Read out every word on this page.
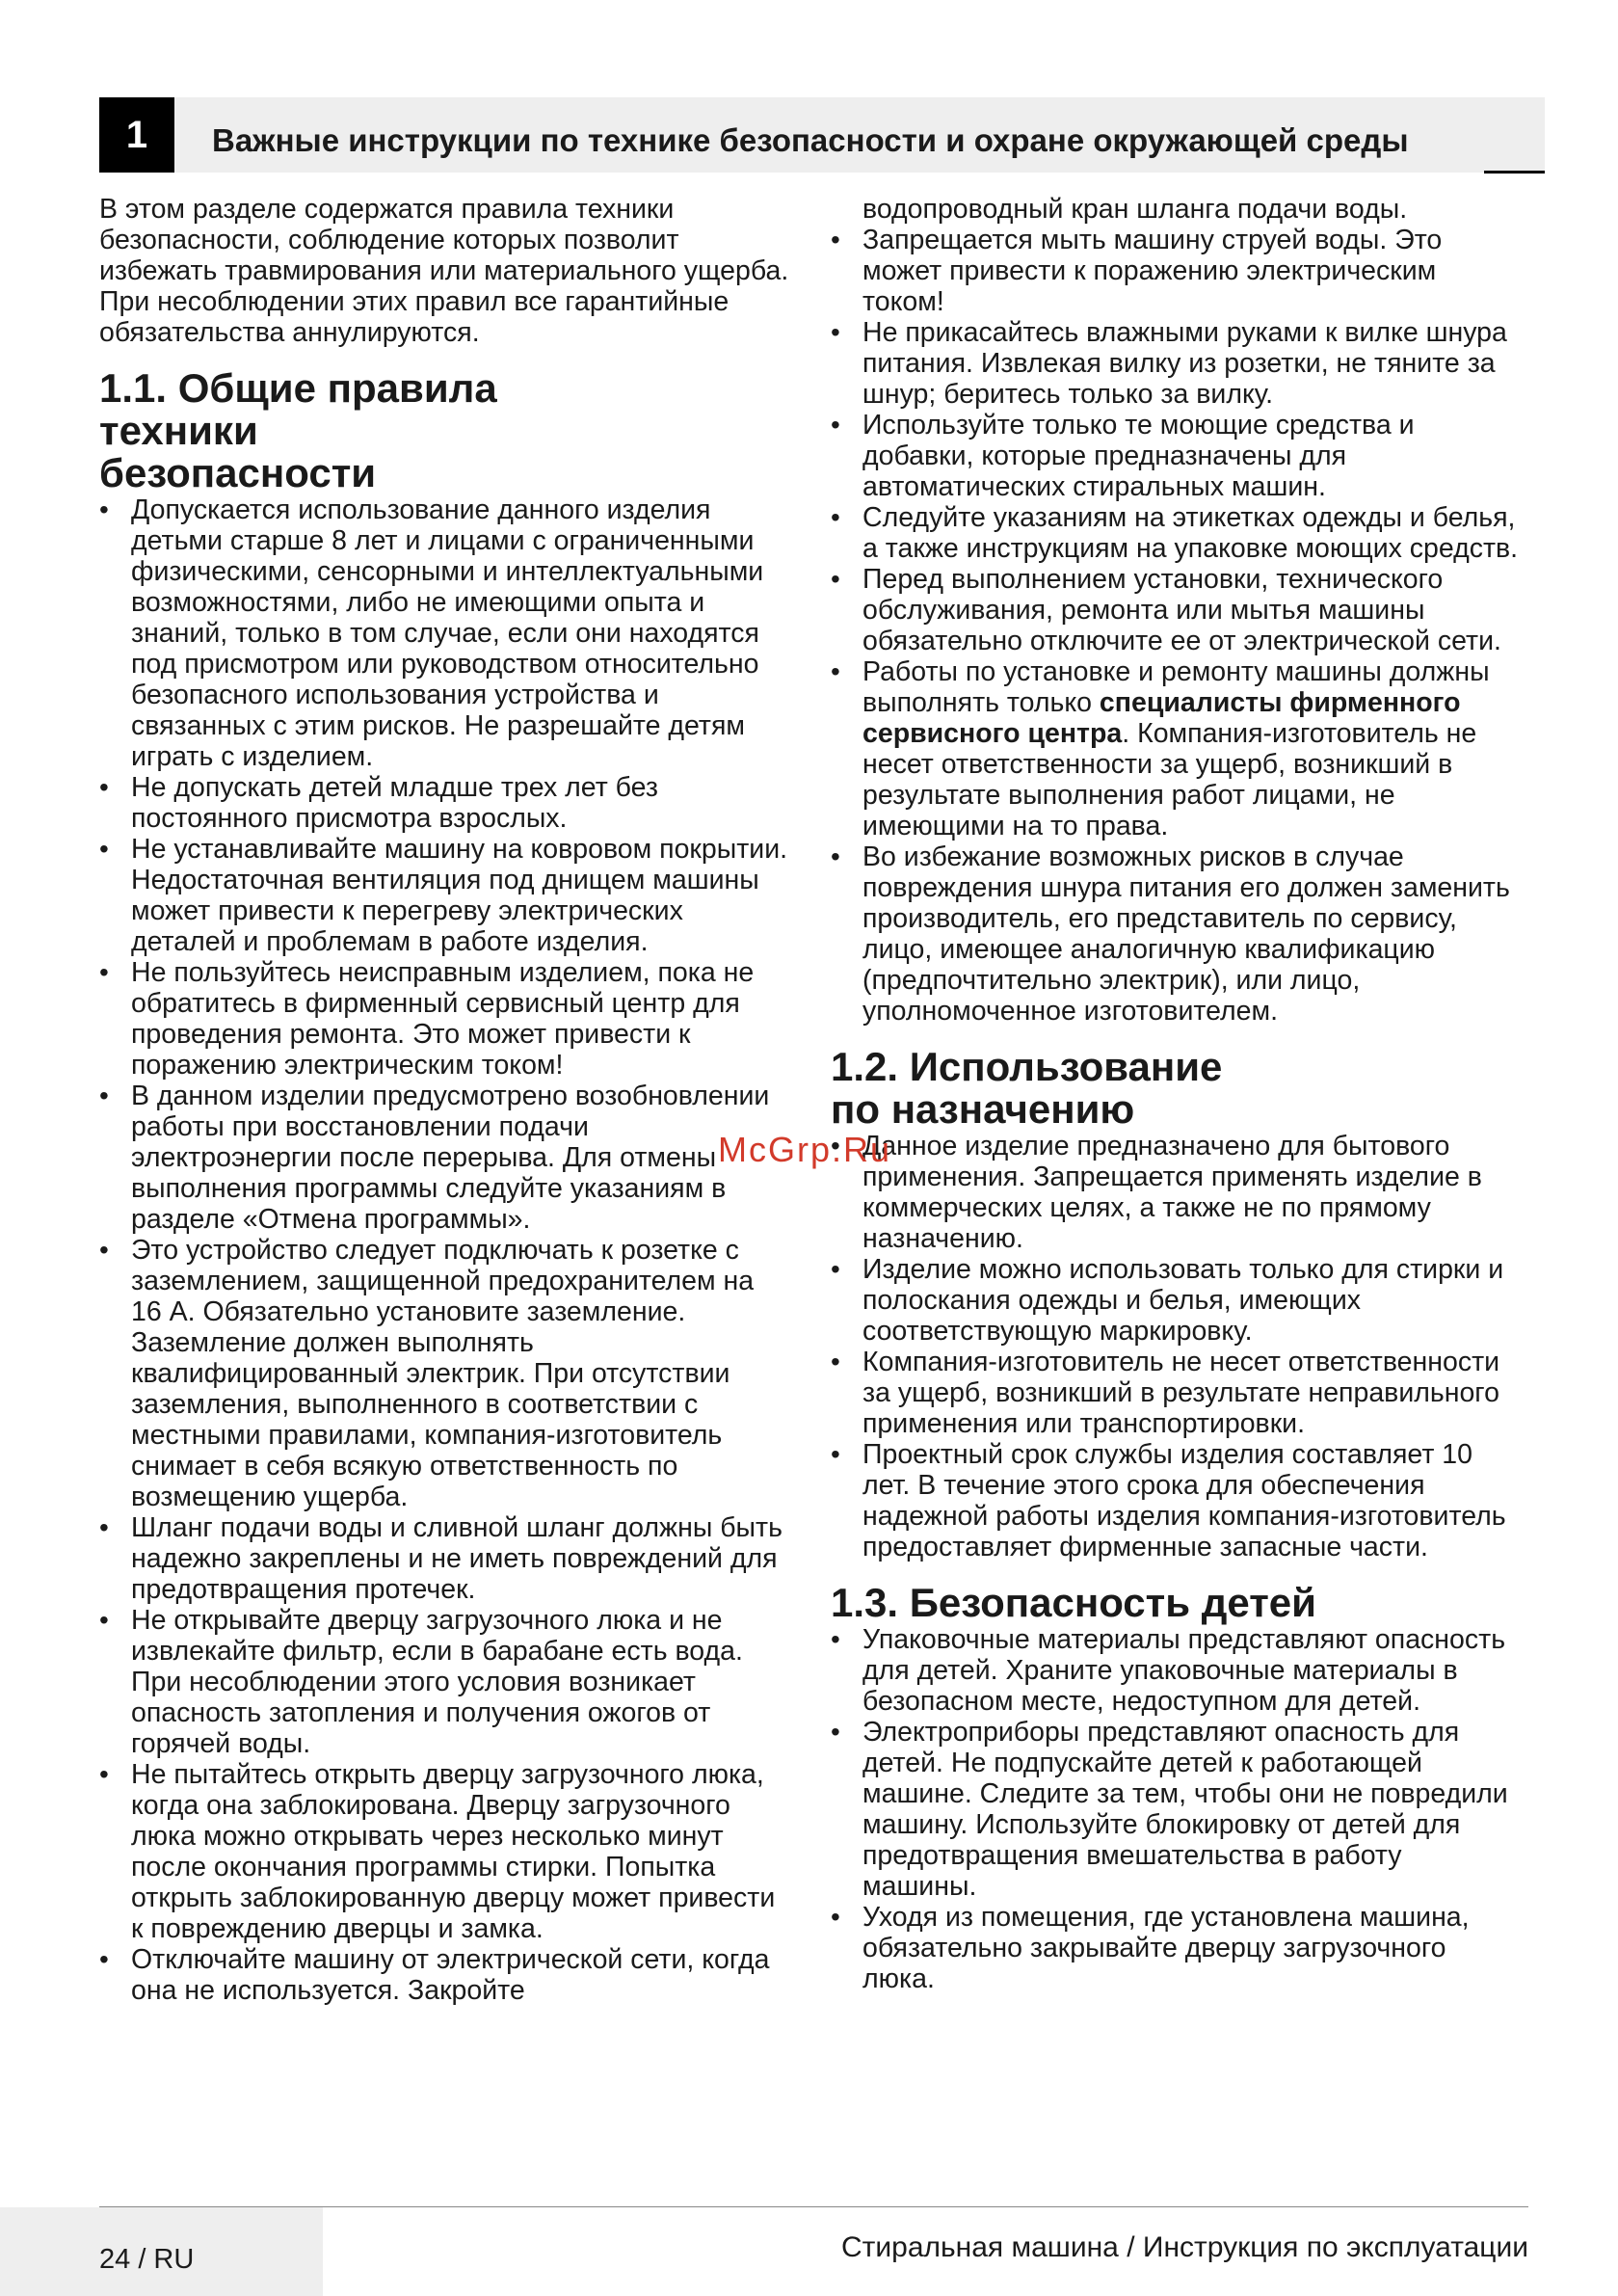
1	Важные инструкции по технике безопасности и охране окружающей среды

В этом разделе содержатся правила техники безопасности, соблюдение которых позволит избежать травмирования или материального ущерба. При несоблюдении этих правил все гарантийные обязательства аннулируются.

1.1. Общие правила техники безопасности
• Допускается использование данного изделия детьми старше 8 лет и лицами с ограниченными физическими, сенсорными и интеллектуальными возможностями, либо не имеющими опыта и знаний, только в том случае, если они находятся под присмотром или руководством относительно безопасного использования устройства и связанных с этим рисков. Не разрешайте детям играть с изделием.
• Не допускать детей младше трех лет без постоянного присмотра взрослых.
• Не устанавливайте машину на ковровом покрытии. Недостаточная вентиляция под днищем машины может привести к перегреву электрических деталей и проблемам в работе изделия.
• Не пользуйтесь неисправным изделием, пока не обратитесь в фирменный сервисный центр для проведения ремонта. Это может привести к поражению электрическим током!
• В данном изделии предусмотрено возобновлении работы при восстановлении подачи электроэнергии после перерыва. Для отмены выполнения программы следуйте указаниям в разделе «Отмена программы».
• Это устройство следует подключать к розетке с заземлением, защищенной предохранителем на 16 А. Обязательно установите заземление. Заземление должен выполнять квалифицированный электрик. При отсутствии заземления, выполненного в соответствии с местными правилами, компания-изготовитель снимает в себя всякую ответственность по возмещению ущерба.
• Шланг подачи воды и сливной шланг должны быть надежно закреплены и не иметь повреждений для предотвращения протечек.
• Не открывайте дверцу загрузочного люка и не извлекайте фильтр, если в барабане есть вода. При несоблюдении этого условия возникает опасность затопления и получения ожогов от горячей воды.
• Не пытайтесь открыть дверцу загрузочного люка, когда она заблокирована. Дверцу загрузочного люка можно открывать через несколько минут после окончания программы стирки. Попытка открыть заблокированную дверцу может привести к повреждению дверцы и замка.
• Отключайте машину от электрической сети, когда она не используется. Закройте
водопроводный кран шланга подачи воды.
• Запрещается мыть машину струей воды. Это может привести к поражению электрическим током!
• Не прикасайтесь влажными руками к вилке шнура питания. Извлекая вилку из розетки, не тяните за шнур; беритесь только за вилку.
• Используйте только те моющие средства и добавки, которые предназначены для автоматических стиральных машин.
• Следуйте указаниям на этикетках одежды и белья, а также инструкциям на упаковке моющих средств.
• Перед выполнением установки, технического обслуживания, ремонта или мытья машины обязательно отключите ее от электрической сети.
• Работы по установке и ремонту машины должны выполнять только специалисты фирменного сервисного центра. Компания-изготовитель не несет ответственности за ущерб, возникший в результате выполнения работ лицами, не имеющими на то права.
• Во избежание возможных рисков в случае повреждения шнура питания его должен заменить производитель, его представитель по сервису, лицо, имеющее аналогичную квалификацию (предпочтительно электрик), или лицо, уполномоченное изготовителем.
1.2. Использование по назначению
• Данное изделие предназначено для бытового применения. Запрещается применять изделие в коммерческих целях, а также не по прямому назначению.
• Изделие можно использовать только для стирки и полоскания одежды и белья, имеющих соответствующую маркировку.
• Компания-изготовитель не несет ответственности за ущерб, возникший в результате неправильного применения или транспортировки.
• Проектный срок службы изделия составляет 10 лет. В течение этого срока для обеспечения надежной работы изделия компания-изготовитель предоставляет фирменные запасные части.
1.3. Безопасность детей
• Упаковочные материалы представляют опасность для детей. Храните упаковочные материалы в безопасном месте, недоступном для детей.
• Электроприборы представляют опасность для детей. Не подпускайте детей к работающей машине. Следите за тем, чтобы они не повредили машину. Используйте блокировку от детей для предотвращения вмешательства в работу машины.
• Уходя из помещения, где установлена машина, обязательно закрывайте дверцу загрузочного люка.
McGrp.Ru
24 / RU	Стиральная машина / Инструкция по эксплуатации
